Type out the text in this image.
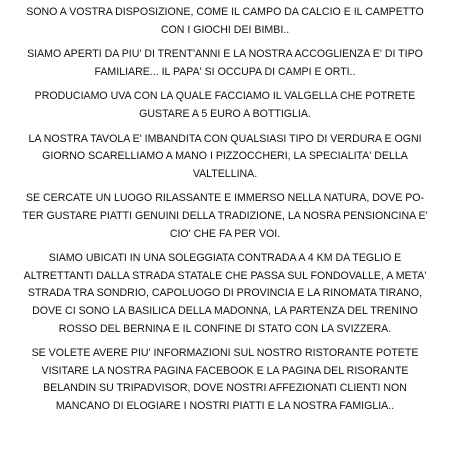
SONO A VOSTRA DISPOSIZIONE, COME IL CAMPO DA CALCIO E IL CAMPETTO
CON I GIOCHI DEI BIMBI..
SIAMO APERTI DA PIU' DI TRENT'ANNI E LA NOSTRA ACCOGLIENZA E' DI TIPO
FAMILIARE... IL PAPA' SI OCCUPA DI CAMPI E ORTI..
PRODUCIAMO UVA CON LA QUALE FACCIAMO IL VALGELLA CHE POTRETE
GUSTARE A 5 EURO A BOTTIGLIA.
LA NOSTRA TAVOLA E' IMBANDITA CON QUALSIASI TIPO DI VERDURA E OGNI
GIORNO SCARELLIAMO A MANO I PIZZOCCHERI, LA SPECIALITA' DELLA
VALTELLINA.
SE CERCATE UN LUOGO RILASSANTE E IMMERSO NELLA NATURA, DOVE PO-
TER GUSTARE PIATTI GENUINI DELLA TRADIZIONE, LA NOSRA PENSIONCINA E'
CIO' CHE FA PER VOI.
SIAMO UBICATI IN UNA SOLEGGIATA CONTRADA A 4 KM DA TEGLIO E
ALTRETTANTI DALLA STRADA STATALE CHE PASSA SUL FONDOVALLE, A META'
STRADA TRA SONDRIO, CAPOLUOGO DI PROVINCIA E LA RINOMATA TIRANO,
DOVE CI SONO LA BASILICA DELLA MADONNA, LA PARTENZA DEL TRENINO
ROSSO DEL BERNINA E IL CONFINE DI STATO CON LA SVIZZERA.
SE VOLETE AVERE PIU' INFORMAZIONI SUL NOSTRO RISTORANTE POTETE
VISITARE LA NOSTRA PAGINA FACEBOOK E LA PAGINA DEL RISORANTE
BELANDIN SU TRIPADVISOR, DOVE NOSTRI AFFEZIONATI CLIENTI NON
MANCANO DI ELOGIARE I NOSTRI PIATTI E LA NOSTRA FAMIGLIA..
